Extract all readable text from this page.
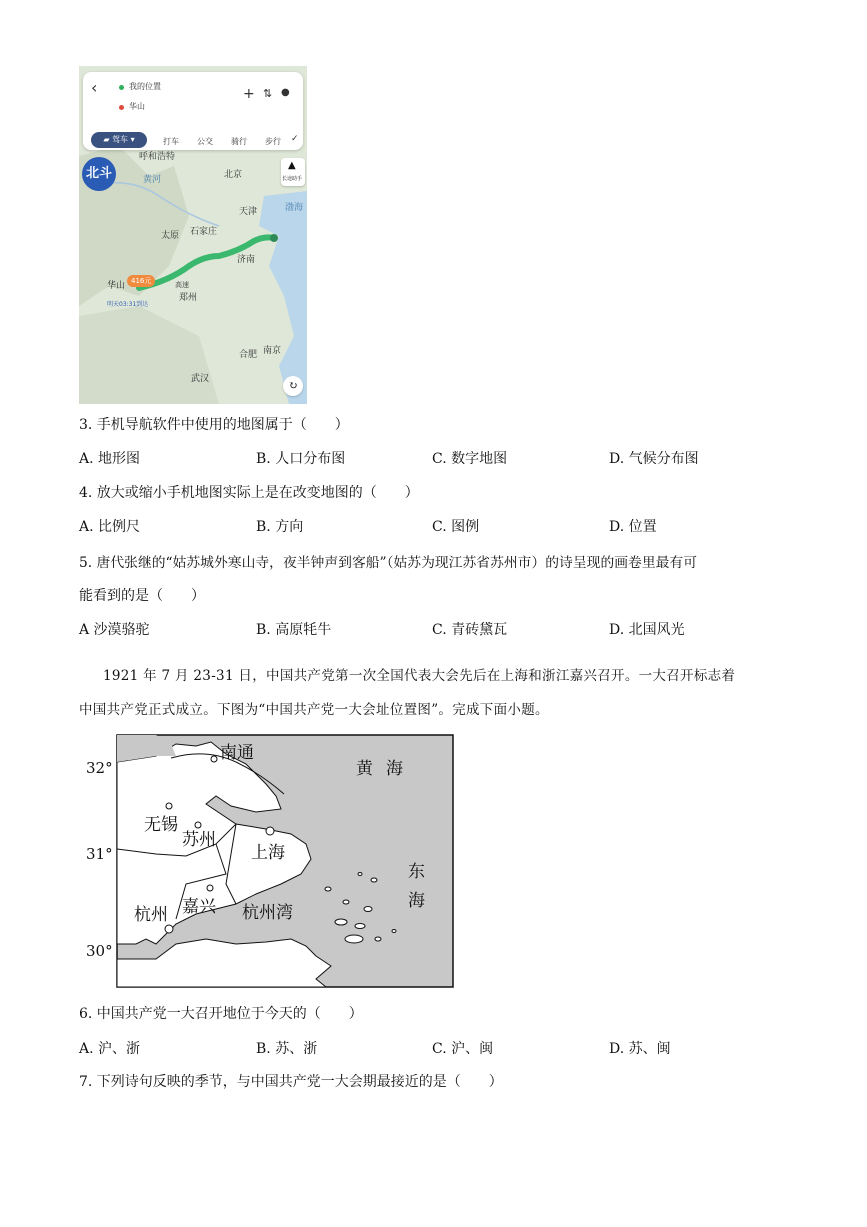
‹	我的位置
华山
+ ⇅ ●
▰ 驾车 ▾	打车 公交 骑行 步行 ✓
北斗
▲
长途助手
呼和浩特
黄河	北京
天津	渤海
太原 石家庄
济南
华山
郑州
合肥 南京
武汉
高速
416元
明天03:31到达
↻
3. 手机导航软件中使用的地图属于（　　）
A. 地形图	B. 人口分布图	C. 数字地图	D. 气候分布图
4. 放大或缩小手机地图实际上是在改变地图的（　　）
A. 比例尺	B. 方向	C. 图例	D. 位置
5. 唐代张继的“姑苏城外寒山寺，夜半钟声到客船”（姑苏为现江苏省苏州市）的诗呈现的画卷里最有可
能看到的是（　　）
A 沙漠骆驼	B. 高原牦牛	C. 青砖黛瓦	D. 北国风光
1921 年 7 月 23-31 日，中国共产党第一次全国代表大会先后在上海和浙江嘉兴召开。一大召开标志着
中国共产党正式成立。下图为“中国共产党一大会址位置图”。完成下面小题。
32°
31°
30°
南通
黄 海
无锡
苏州
上海
东
海
嘉兴 杭州湾
杭州
6. 中国共产党一大召开地位于今天的（　　）
A. 沪、浙	B. 苏、浙	C. 沪、闽	D. 苏、闽
7. 下列诗句反映的季节，与中国共产党一大会期最接近的是（　　）
